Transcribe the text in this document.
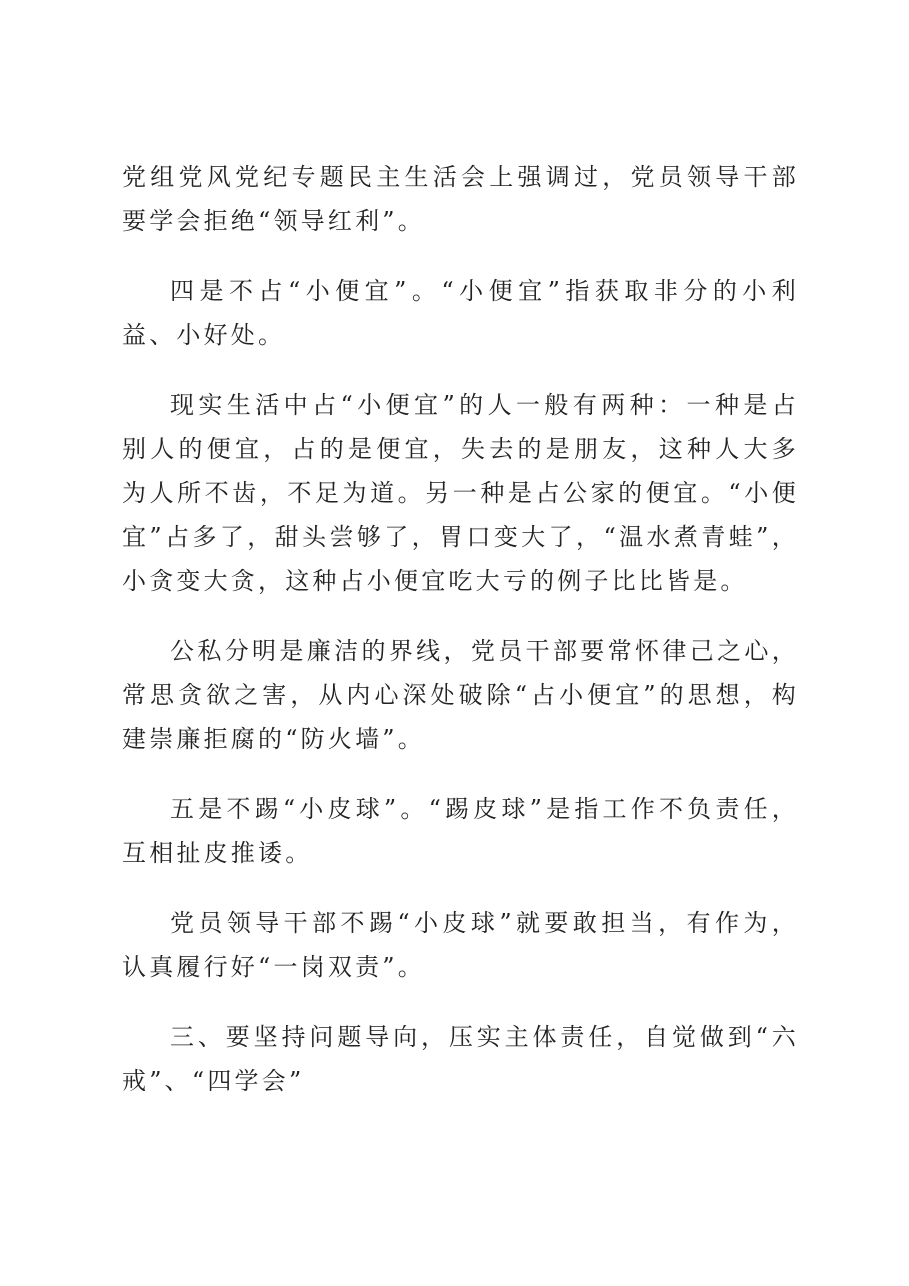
党组党风党纪专题民主生活会上强调过，党员领导干部要学会拒绝“领导红利”。

四是不占“小便宜”。“小便宜”指获取非分的小利益、小好处。

现实生活中占“小便宜”的人一般有两种：一种是占别人的便宜，占的是便宜，失去的是朋友，这种人大多为人所不齿，不足为道。另一种是占公家的便宜。“小便宜”占多了，甜头尝够了，胃口变大了，“温水煮青蛙”，小贪变大贪，这种占小便宜吃大亏的例子比比皆是。

公私分明是廉洁的界线，党员干部要常怀律己之心，常思贪欲之害，从内心深处破除“占小便宜”的思想，构建崇廉拒腐的“防火墙”。

五是不踢“小皮球”。“踢皮球”是指工作不负责任，互相扯皮推诿。

党员领导干部不踢“小皮球”就要敢担当，有作为，认真履行好“一岗双责”。

三、要坚持问题导向，压实主体责任，自觉做到“六戒”、“四学会”
